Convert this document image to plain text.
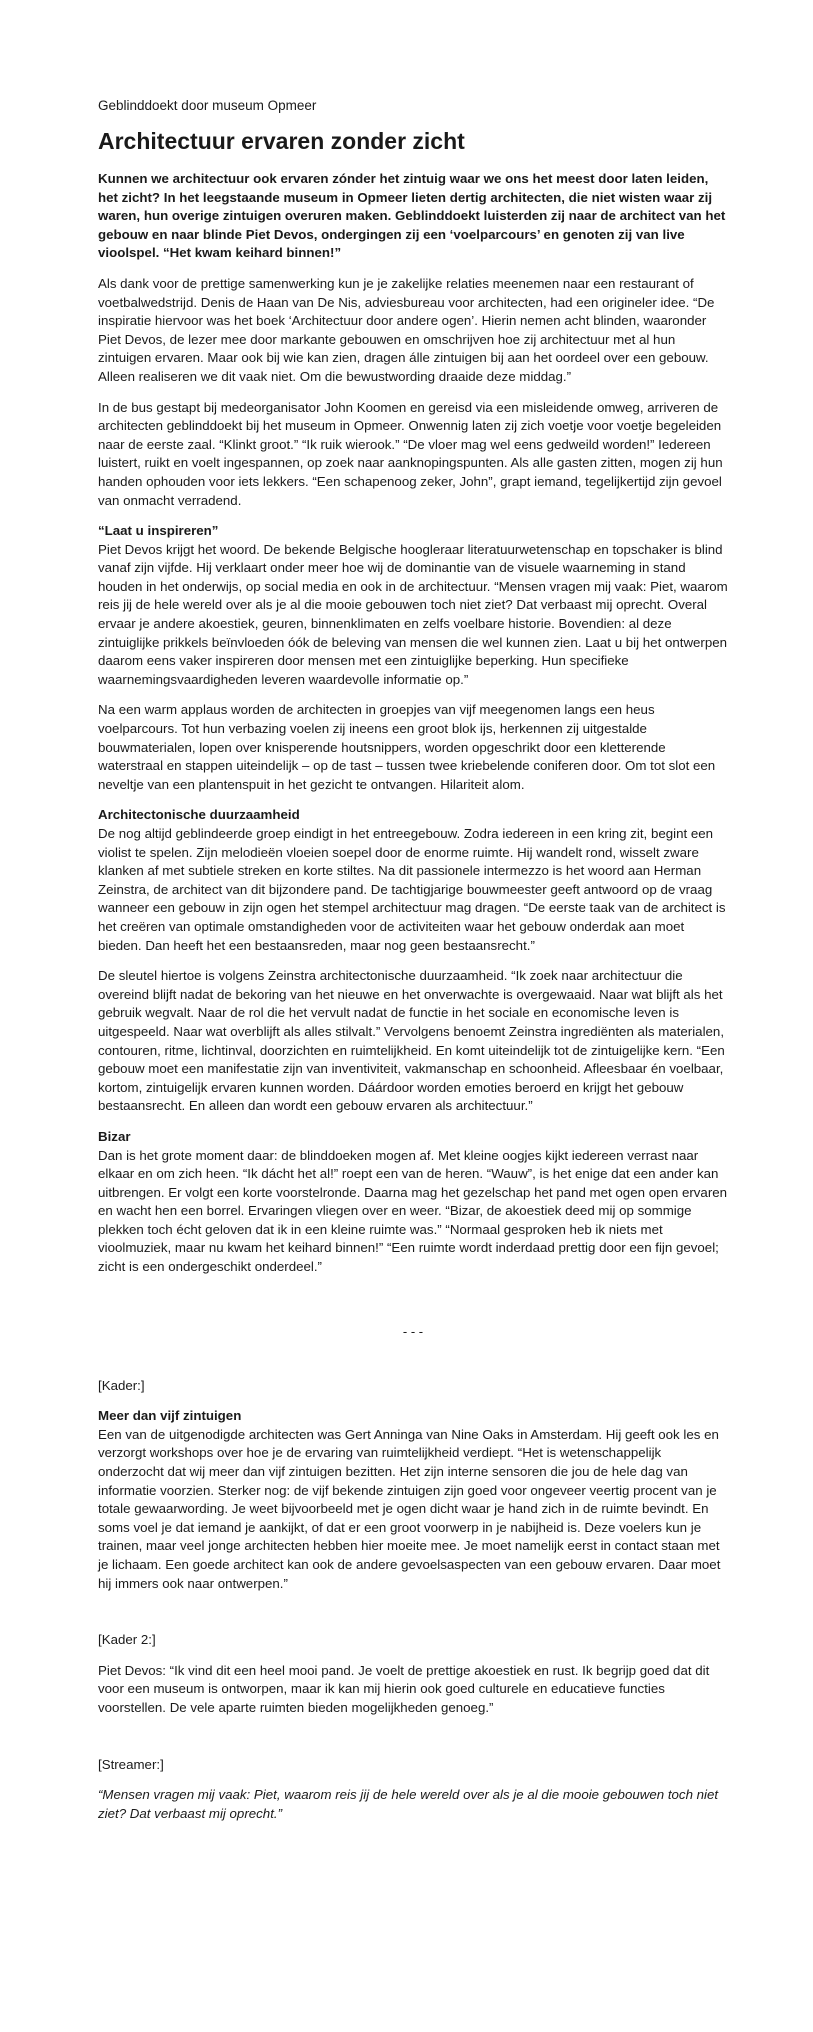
Geblinddoekt door museum Opmeer

Architectuur ervaren zonder zicht

Kunnen we architectuur ook ervaren zónder het zintuig waar we ons het meest door laten leiden, het zicht? In het leegstaande museum in Opmeer lieten dertig architecten, die niet wisten waar zij waren, hun overige zintuigen overuren maken. Geblinddoekt luisterden zij naar de architect van het gebouw en naar blinde Piet Devos, ondergingen zij een ‘voelparcours’ en genoten zij van live vioolspel. “Het kwam keihard binnen!”

Als dank voor de prettige samenwerking kun je je zakelijke relaties meenemen naar een restaurant of voetbalwedstrijd. Denis de Haan van De Nis, adviesbureau voor architecten, had een origineler idee. “De inspiratie hiervoor was het boek ‘Architectuur door andere ogen’. Hierin nemen acht blinden, waaronder Piet Devos, de lezer mee door markante gebouwen en omschrijven hoe zij architectuur met al hun zintuigen ervaren. Maar ook bij wie kan zien, dragen álle zintuigen bij aan het oordeel over een gebouw. Alleen realiseren we dit vaak niet. Om die bewustwording draaide deze middag.”

In de bus gestapt bij medeorganisator John Koomen en gereisd via een misleidende omweg, arriveren de architecten geblinddoekt bij het museum in Opmeer. Onwennig laten zij zich voetje voor voetje begeleiden naar de eerste zaal. “Klinkt groot.” “Ik ruik wierook.” “De vloer mag wel eens gedweild worden!” Iedereen luistert, ruikt en voelt ingespannen, op zoek naar aanknopingspunten. Als alle gasten zitten, mogen zij hun handen ophouden voor iets lekkers. “Een schapenoog zeker, John”, grapt iemand, tegelijkertijd zijn gevoel van onmacht verradend.

“Laat u inspireren”
Piet Devos krijgt het woord. De bekende Belgische hoogleraar literatuurwetenschap en topschaker is blind vanaf zijn vijfde. Hij verklaart onder meer hoe wij de dominantie van de visuele waarneming in stand houden in het onderwijs, op social media en ook in de architectuur. “Mensen vragen mij vaak: Piet, waarom reis jij de hele wereld over als je al die mooie gebouwen toch niet ziet? Dat verbaast mij oprecht. Overal ervaar je andere akoestiek, geuren, binnenklimaten en zelfs voelbare historie. Bovendien: al deze zintuiglijke prikkels beïnvloeden óók de beleving van mensen die wel kunnen zien. Laat u bij het ontwerpen daarom eens vaker inspireren door mensen met een zintuiglijke beperking. Hun specifieke waarnemingsvaardigheden leveren waardevolle informatie op.”

Na een warm applaus worden de architecten in groepjes van vijf meegenomen langs een heus voelparcours. Tot hun verbazing voelen zij ineens een groot blok ijs, herkennen zij uitgestalde bouwmaterialen, lopen over knisperende houtsnippers, worden opgeschrikt door een kletterende waterstraal en stappen uiteindelijk – op de tast – tussen twee kriebelende coniferen door. Om tot slot een neveltje van een plantenspuit in het gezicht te ontvangen. Hilariteit alom.

Architectonische duurzaamheid
De nog altijd geblindeerde groep eindigt in het entreegebouw. Zodra iedereen in een kring zit, begint een violist te spelen. Zijn melodieën vloeien soepel door de enorme ruimte. Hij wandelt rond, wisselt zware klanken af met subtiele streken en korte stiltes. Na dit passionele intermezzo is het woord aan Herman Zeinstra, de architect van dit bijzondere pand. De tachtigjarige bouwmeester geeft antwoord op de vraag wanneer een gebouw in zijn ogen het stempel architectuur mag dragen. “De eerste taak van de architect is het creëren van optimale omstandigheden voor de activiteiten waar het gebouw onderdak aan moet bieden. Dan heeft het een bestaansreden, maar nog geen bestaansrecht.”

De sleutel hiertoe is volgens Zeinstra architectonische duurzaamheid. “Ik zoek naar architectuur die overeind blijft nadat de bekoring van het nieuwe en het onverwachte is overgewaaid. Naar wat blijft als het gebruik wegvalt. Naar de rol die het vervult nadat de functie in het sociale en economische leven is uitgespeeld. Naar wat overblijft als alles stilvalt.” Vervolgens benoemt Zeinstra ingrediënten als materialen, contouren, ritme, lichtinval, doorzichten en ruimtelijkheid. En komt uiteindelijk tot de zintuigelijke kern. “Een gebouw moet een manifestatie zijn van inventiviteit, vakmanschap en schoonheid. Afleesbaar én voelbaar, kortom, zintuigelijk ervaren kunnen worden. Dáárdoor worden emoties beroerd en krijgt het gebouw bestaansrecht. En alleen dan wordt een gebouw ervaren als architectuur.”

Bizar
Dan is het grote moment daar: de blinddoeken mogen af. Met kleine oogjes kijkt iedereen verrast naar elkaar en om zich heen. “Ik dácht het al!” roept een van de heren. “Wauw”, is het enige dat een ander kan uitbrengen. Er volgt een korte voorstelronde. Daarna mag het gezelschap het pand met ogen open ervaren en wacht hen een borrel. Ervaringen vliegen over en weer. “Bizar, de akoestiek deed mij op sommige plekken toch écht geloven dat ik in een kleine ruimte was.” “Normaal gesproken heb ik niets met vioolmuziek, maar nu kwam het keihard binnen!” “Een ruimte wordt inderdaad prettig door een fijn gevoel; zicht is een ondergeschikt onderdeel.”

- - -

[Kader:]

Meer dan vijf zintuigen
Een van de uitgenodigde architecten was Gert Anninga van Nine Oaks in Amsterdam. Hij geeft ook les en verzorgt workshops over hoe je de ervaring van ruimtelijkheid verdiept. “Het is wetenschappelijk onderzocht dat wij meer dan vijf zintuigen bezitten. Het zijn interne sensoren die jou de hele dag van informatie voorzien. Sterker nog: de vijf bekende zintuigen zijn goed voor ongeveer veertig procent van je totale gewaarwording. Je weet bijvoorbeeld met je ogen dicht waar je hand zich in de ruimte bevindt. En soms voel je dat iemand je aankijkt, of dat er een groot voorwerp in je nabijheid is. Deze voelers kun je trainen, maar veel jonge architecten hebben hier moeite mee. Je moet namelijk eerst in contact staan met je lichaam. Een goede architect kan ook de andere gevoelsaspecten van een gebouw ervaren. Daar moet hij immers ook naar ontwerpen.”

[Kader 2:]

Piet Devos: “Ik vind dit een heel mooi pand. Je voelt de prettige akoestiek en rust. Ik begrijp goed dat dit voor een museum is ontworpen, maar ik kan mij hierin ook goed culturele en educatieve functies voorstellen. De vele aparte ruimten bieden mogelijkheden genoeg.”

[Streamer:]

“Mensen vragen mij vaak: Piet, waarom reis jij de hele wereld over als je al die mooie gebouwen toch niet ziet? Dat verbaast mij oprecht.”
